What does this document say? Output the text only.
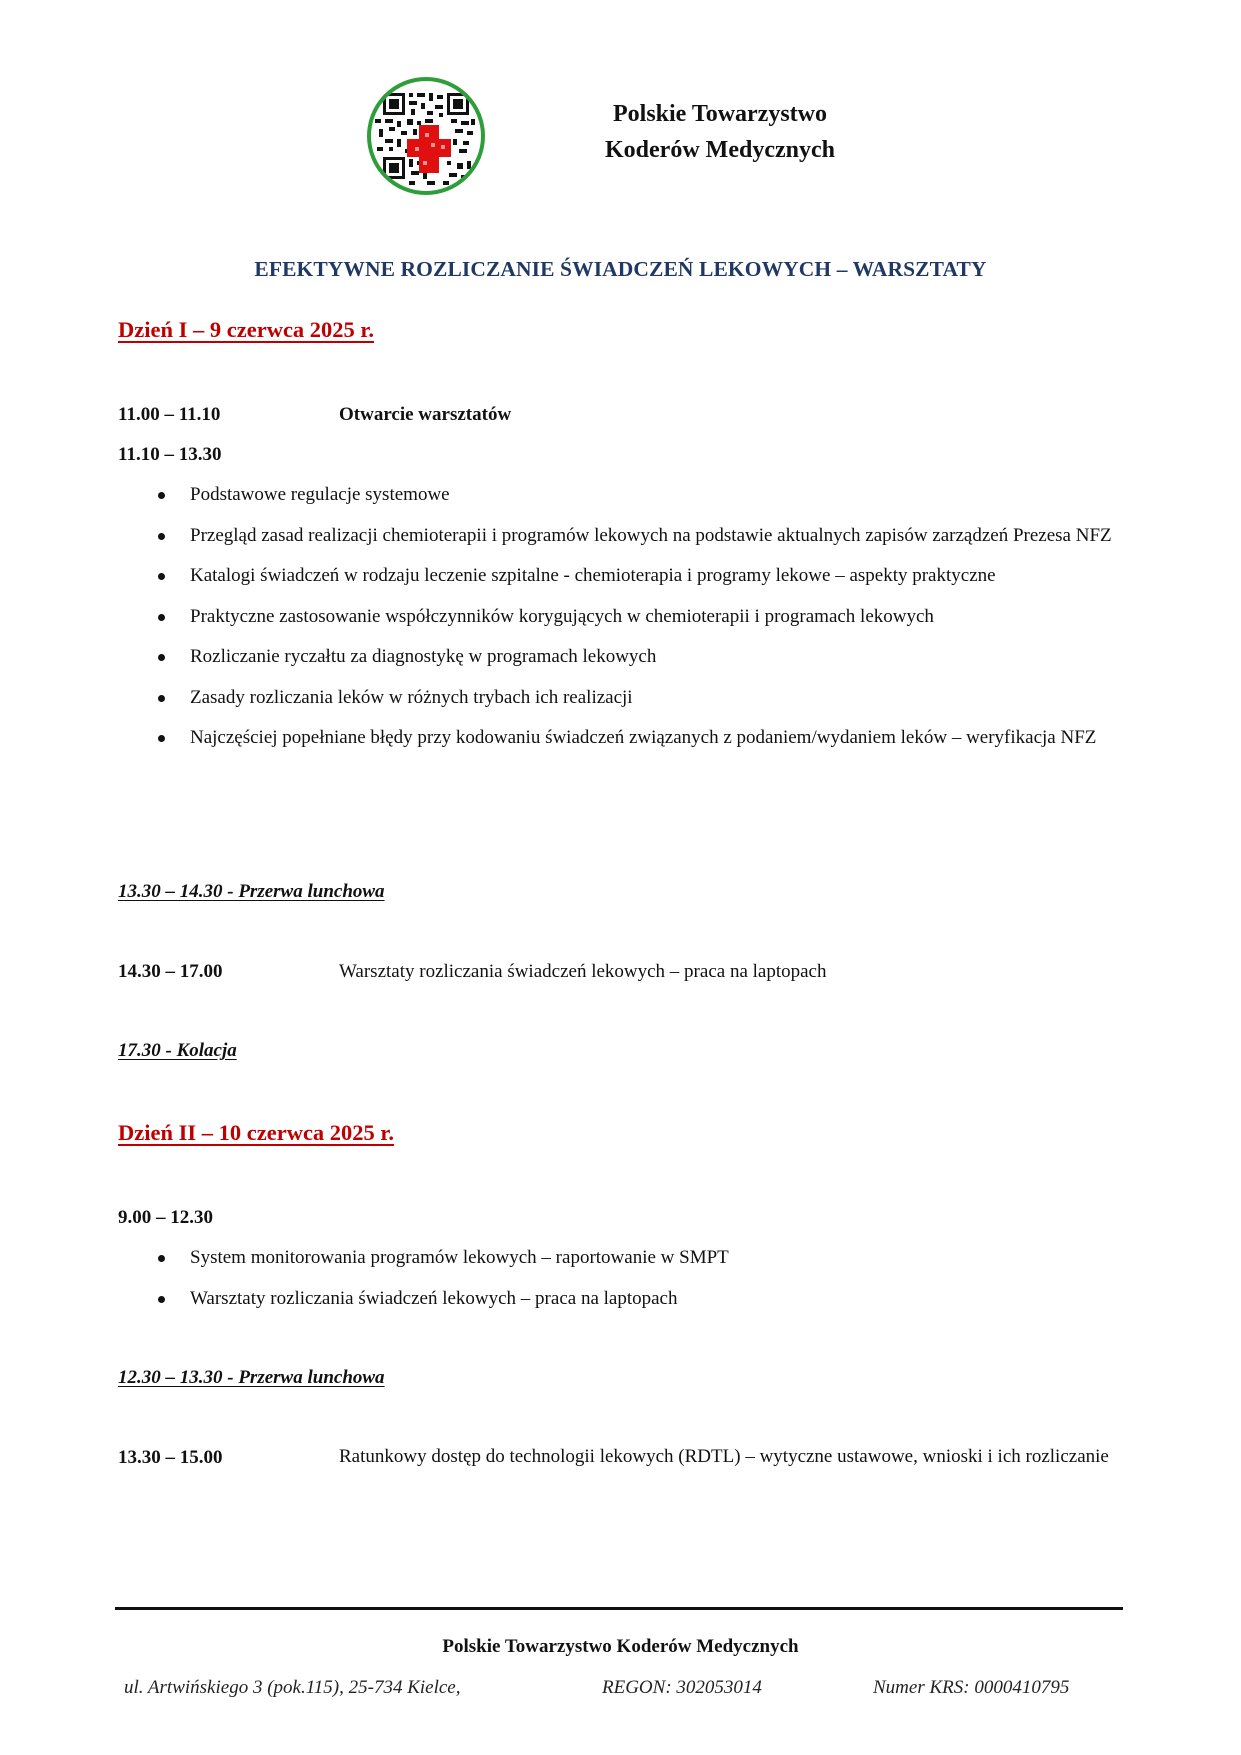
Polskie Towarzystwo
Koderów Medycznych
EFEKTYWNE ROZLICZANIE ŚWIADCZEŃ LEKOWYCH – WARSZTATY
Dzień I – 9 czerwca 2025 r.
11.00 – 11.10	Otwarcie warsztatów
11.10 – 13.30
Podstawowe regulacje systemowe
Przegląd zasad realizacji chemioterapii i programów lekowych na podstawie aktualnych zapisów zarządzeń Prezesa NFZ
Katalogi świadczeń w rodzaju leczenie szpitalne - chemioterapia i programy lekowe – aspekty praktyczne
Praktyczne zastosowanie współczynników korygujących w chemioterapii i programach lekowych
Rozliczanie ryczałtu za diagnostykę w programach lekowych
Zasady rozliczania leków w różnych trybach ich realizacji
Najczęściej popełniane błędy przy kodowaniu świadczeń związanych z podaniem/wydaniem leków – weryfikacja NFZ
13.30 – 14.30 - Przerwa lunchowa
14.30 – 17.00	Warsztaty rozliczania świadczeń lekowych – praca na laptopach
17.30 - Kolacja
Dzień II – 10 czerwca 2025 r.
9.00 – 12.30
System monitorowania programów lekowych – raportowanie w SMPT
Warsztaty rozliczania świadczeń lekowych – praca na laptopach
12.30 – 13.30 - Przerwa lunchowa
13.30 – 15.00	Ratunkowy dostęp do technologii lekowych (RDTL) – wytyczne ustawowe, wnioski i ich rozliczanie
Polskie Towarzystwo Koderów Medycznych
ul. Artwińskiego 3 (pok.115), 25-734 Kielce,	REGON: 302053014	Numer KRS: 0000410795
